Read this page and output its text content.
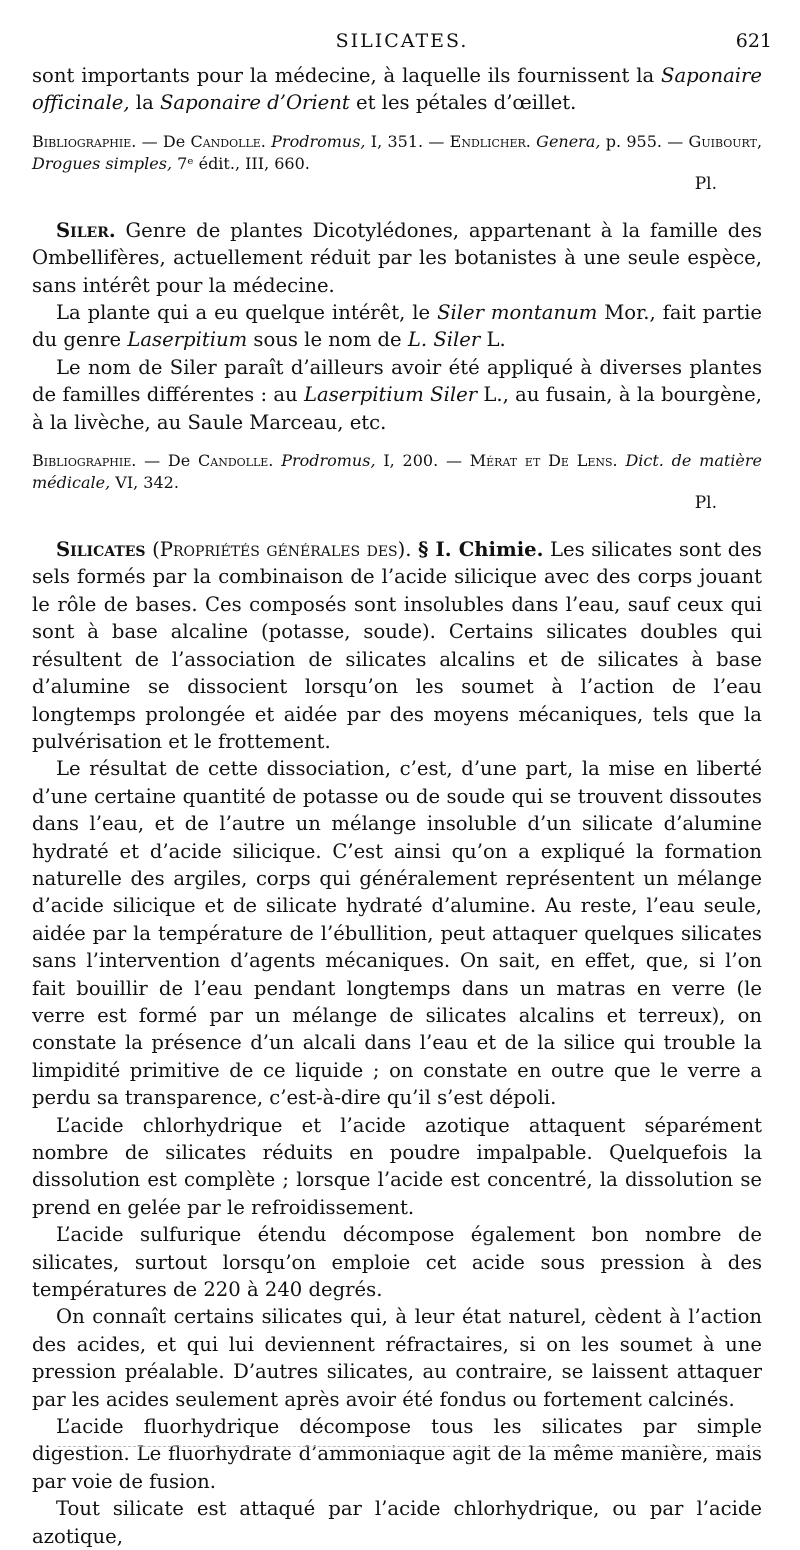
SILICATES.	621

sont importants pour la médecine, à laquelle ils fournissent la Saponaire officinale, la Saponaire d’Orient et les pétales d’œillet.

Bibliographie. — De Candolle. Prodromus, I, 351. — Endlicher. Genera, p. 955. — Guibourt, Drogues simples, 7ᵉ édit., III, 660.
Pl.

Siler. Genre de plantes Dicotylédones, appartenant à la famille des Ombellifères, actuellement réduit par les botanistes à une seule espèce, sans intérêt pour la médecine.

La plante qui a eu quelque intérêt, le Siler montanum Mor., fait partie du genre Laserpitium sous le nom de L. Siler L.

Le nom de Siler paraît d’ailleurs avoir été appliqué à diverses plantes de familles différentes : au Laserpitium Siler L., au fusain, à la bourgène, à la livèche, au Saule Marceau, etc.

Bibliographie. — De Candolle. Prodromus, I, 200. — Mérat et De Lens. Dict. de matière médicale, VI, 342.
Pl.

Silicates (Propriétés générales des). § I. Chimie. Les silicates sont des sels formés par la combinaison de l’acide silicique avec des corps jouant le rôle de bases. Ces composés sont insolubles dans l’eau, sauf ceux qui sont à base alcaline (potasse, soude). Certains silicates doubles qui résultent de l’association de silicates alcalins et de silicates à base d’alumine se dissocient lorsqu’on les soumet à l’action de l’eau longtemps prolongée et aidée par des moyens mécaniques, tels que la pulvérisation et le frottement.

Le résultat de cette dissociation, c’est, d’une part, la mise en liberté d’une certaine quantité de potasse ou de soude qui se trouvent dissoutes dans l’eau, et de l’autre un mélange insoluble d’un silicate d’alumine hydraté et d’acide silicique. C’est ainsi qu’on a expliqué la formation naturelle des argiles, corps qui généralement représentent un mélange d’acide silicique et de silicate hydraté d’alumine. Au reste, l’eau seule, aidée par la température de l’ébullition, peut attaquer quelques silicates sans l’intervention d’agents mécaniques. On sait, en effet, que, si l’on fait bouillir de l’eau pendant longtemps dans un matras en verre (le verre est formé par un mélange de silicates alcalins et terreux), on constate la présence d’un alcali dans l’eau et de la silice qui trouble la limpidité primitive de ce liquide ; on constate en outre que le verre a perdu sa transparence, c’est-à-dire qu’il s’est dépoli.

L’acide chlorhydrique et l’acide azotique attaquent séparément nombre de silicates réduits en poudre impalpable. Quelquefois la dissolution est complète ; lorsque l’acide est concentré, la dissolution se prend en gelée par le refroidissement.

L’acide sulfurique étendu décompose également bon nombre de silicates, surtout lorsqu’on emploie cet acide sous pression à des températures de 220 à 240 degrés.

On connaît certains silicates qui, à leur état naturel, cèdent à l’action des acides, et qui lui deviennent réfractaires, si on les soumet à une pression préalable. D’autres silicates, au contraire, se laissent attaquer par les acides seulement après avoir été fondus ou fortement calcinés.

L’acide fluorhydrique décompose tous les silicates par simple digestion. Le fluorhydrate d’ammoniaque agit de la même manière, mais par voie de fusion.

Tout silicate est attaqué par l’acide chlorhydrique, ou par l’acide azotique,
